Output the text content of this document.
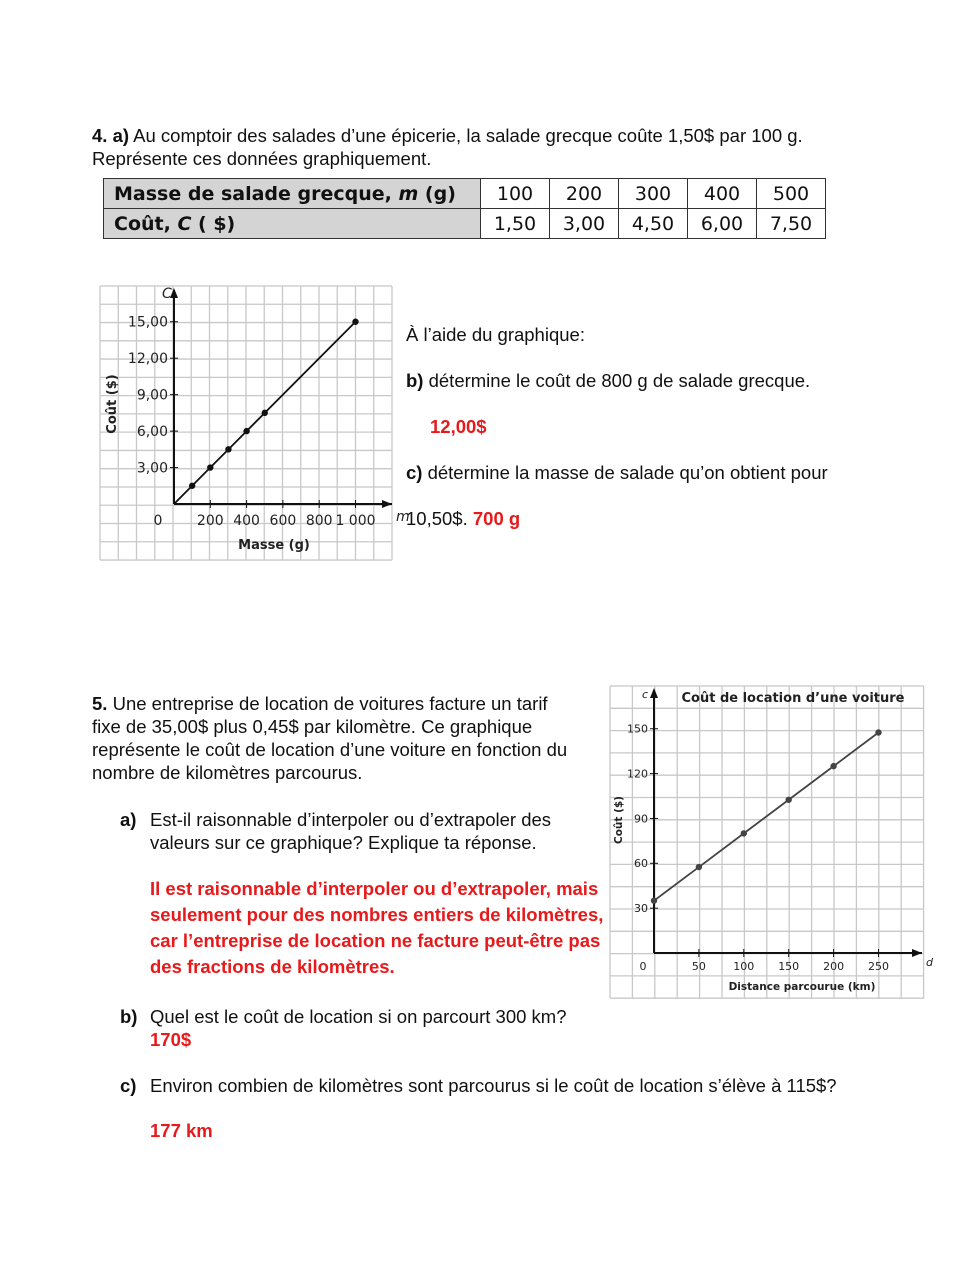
4. a) Au comptoir des salades d’une épicerie, la salade grecque coûte 1,50$ par 100 g.
Représente ces données graphiquement.
Masse de salade grecque, m (g)	100	200	300	400	500
Coût, C ( $)	1,50	3,00	4,50	6,00	7,50
200 400 600 800 1 000
3,00
6,00
9,00
12,00
15,00
0	m
C
Masse (g)
Coût ($)
50 100 150 200 250
30
60
90
120
150
0	d
c
Distance parcourue (km)
Coût ($)
Coût de location d’une voiture
À l’aide du graphique:
b) détermine le coût de 800 g de salade grecque.
12,00$
c) détermine la masse de salade qu’on obtient pour
10,50$. 700 g
5. Une entreprise de location de voitures facture un tarif
fixe de 35,00$ plus 0,45$ par kilomètre. Ce graphique
représente le coût de location d’une voiture en fonction du
nombre de kilomètres parcourus.
a) Est-il raisonnable d’interpoler ou d’extrapoler des
valeurs sur ce graphique? Explique ta réponse.
Il est raisonnable d’interpoler ou d’extrapoler, mais
seulement pour des nombres entiers de kilomètres,
car l’entreprise de location ne facture peut-être pas
des fractions de kilomètres.
b) Quel est le coût de location si on parcourt 300 km?
170$
c) Environ combien de kilomètres sont parcourus si le coût de location s’élève à 115$?
177 km
